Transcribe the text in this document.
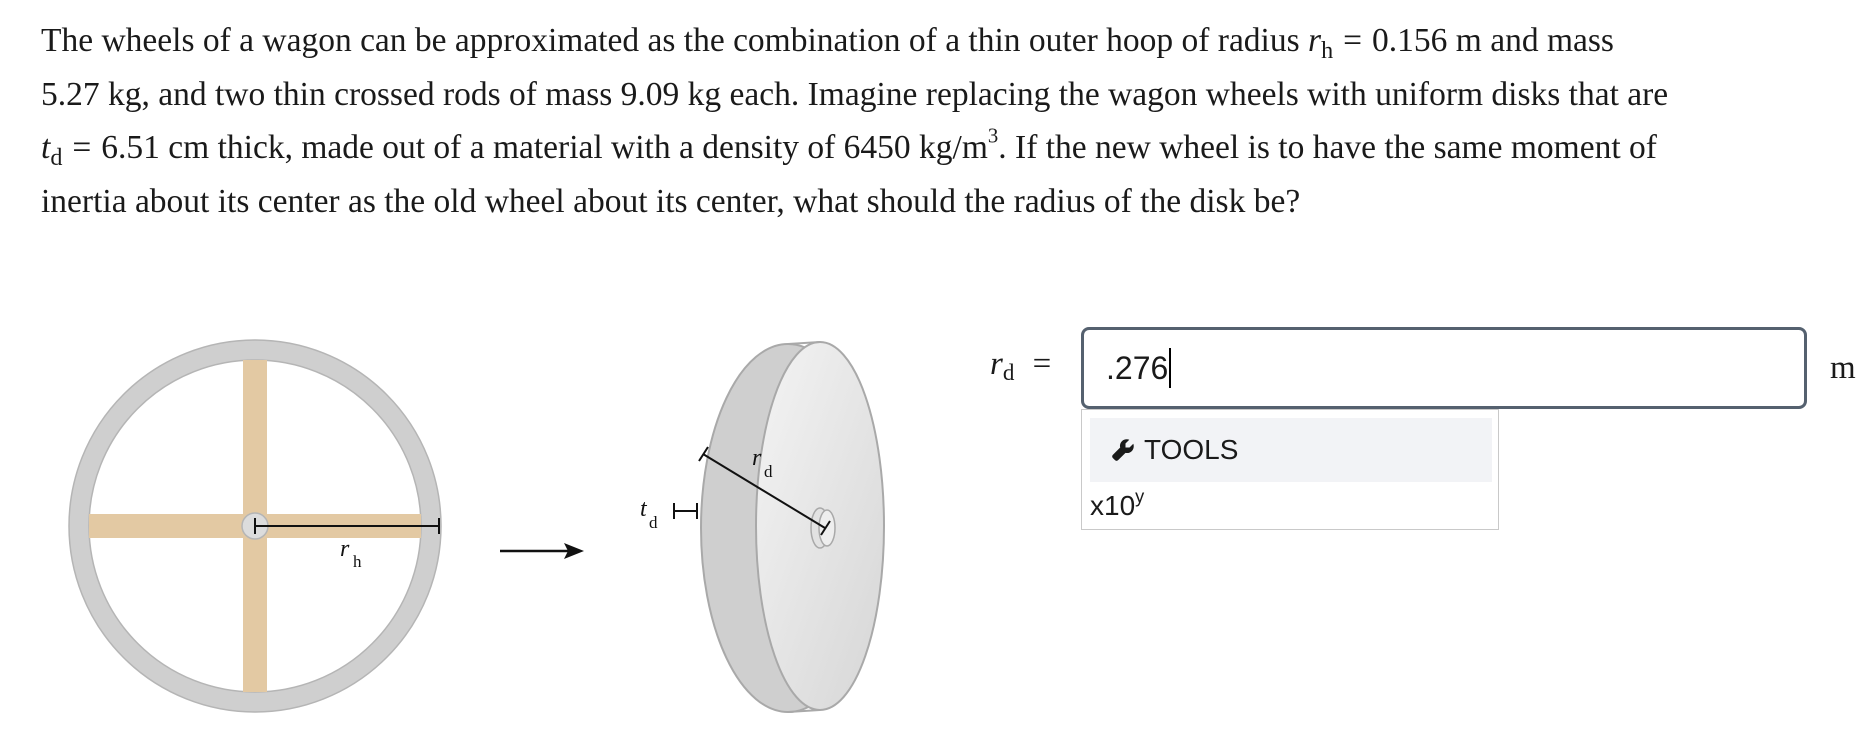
The wheels of a wagon can be approximated as the combination of a thin outer hoop of radius $r_h = 0.156$ m and mass
5.27 kg, and two thin crossed rods of mass 9.09 kg each. Imagine replacing the wagon wheels with uniform disks that are
$t_d = 6.51$ cm thick, made out of a material with a density of 6450 $kg/m^3$. If the new wheel is to have the same moment of
inertia about its center as the old wheel about its center, what should the radius of the disk be?

r h
r
d
t
d
$r_d = .276$	m
TOOLS
x10$^y$
